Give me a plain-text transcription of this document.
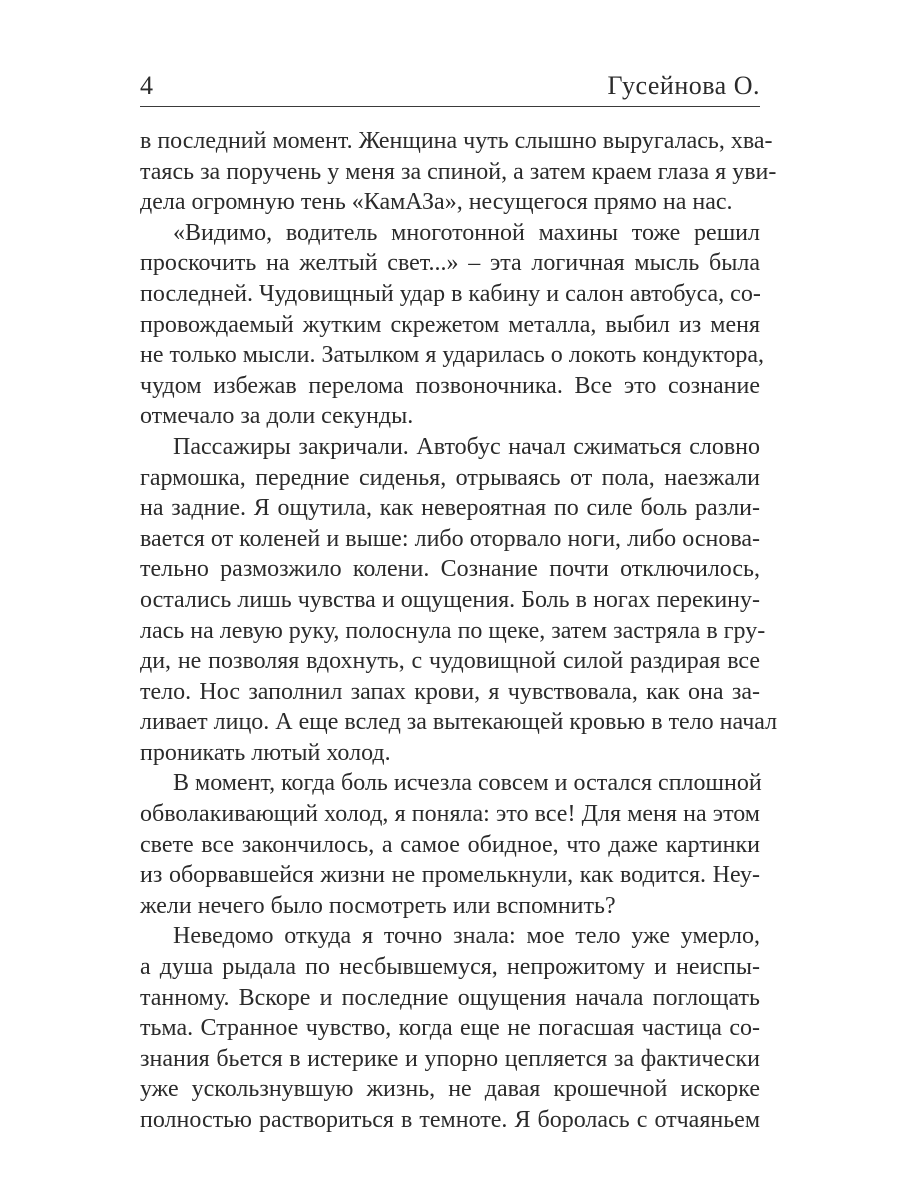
4	Гусейнова О.
в последний момент. Женщина чуть слышно выругалась, хва-
таясь за поручень у меня за спиной, а затем краем глаза я уви-
дела огромную тень «КамАЗа», несущегося прямо на нас.
«Видимо, водитель многотонной махины тоже решил
проскочить на желтый свет...» – эта логичная мысль была
последней. Чудовищный удар в кабину и салон автобуса, со-
провождаемый жутким скрежетом металла, выбил из меня
не только мысли. Затылком я ударилась о локоть кондуктора,
чудом избежав перелома позвоночника. Все это сознание
отмечало за доли секунды.
Пассажиры закричали. Автобус начал сжиматься словно
гармошка, передние сиденья, отрываясь от пола, наезжали
на задние. Я ощутила, как невероятная по силе боль разли-
вается от коленей и выше: либо оторвало ноги, либо основа-
тельно размозжило колени. Сознание почти отключилось,
остались лишь чувства и ощущения. Боль в ногах перекину-
лась на левую руку, полоснула по щеке, затем застряла в гру-
ди, не позволяя вдохнуть, с чудовищной силой раздирая все
тело. Нос заполнил запах крови, я чувствовала, как она за-
ливает лицо. А еще вслед за вытекающей кровью в тело начал
проникать лютый холод.
В момент, когда боль исчезла совсем и остался сплошной
обволакивающий холод, я поняла: это все! Для меня на этом
свете все закончилось, а самое обидное, что даже картинки
из оборвавшейся жизни не промелькнули, как водится. Неу-
жели нечего было посмотреть или вспомнить?
Неведомо откуда я точно знала: мое тело уже умерло,
а душа рыдала по несбывшемуся, непрожитому и неиспы-
танному. Вскоре и последние ощущения начала поглощать
тьма. Странное чувство, когда еще не погасшая частица со-
знания бьется в истерике и упорно цепляется за фактически
уже ускользнувшую жизнь, не давая крошечной искорке
полностью раствориться в темноте. Я боролась с отчаяньем
